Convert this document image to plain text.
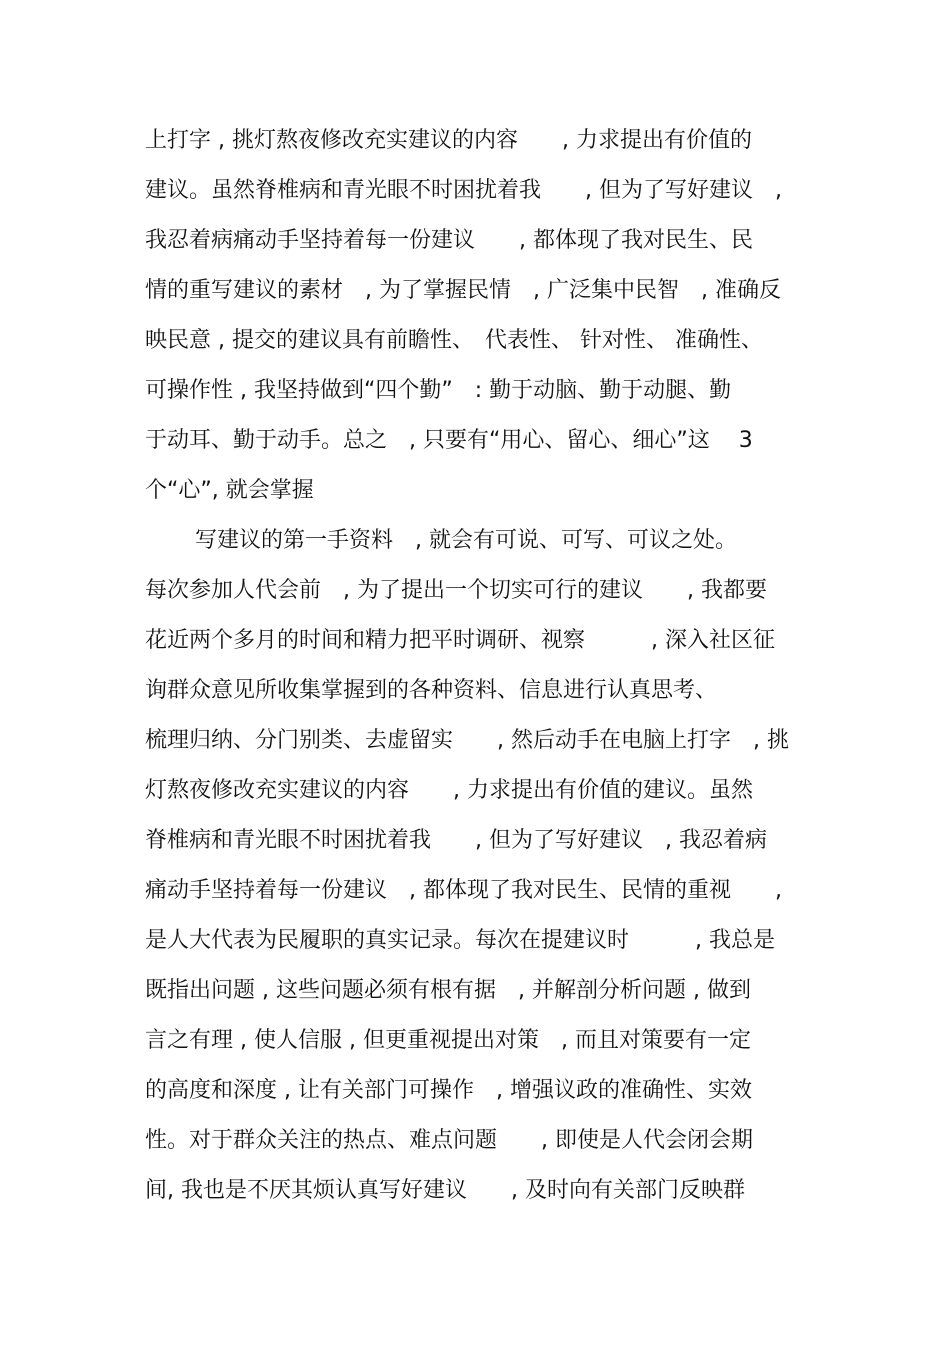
上打字 , 挑灯熬夜修改充实建议的内容　　, 力求提出有价值的
建议。虽然脊椎病和青光眼不时困扰着我　　, 但为了写好建议　,
我忍着病痛动手坚持着每一份建议　　, 都体现了我对民生、民
情的重写建议的素材　, 为了掌握民情　, 广泛集中民智　, 准确反
映民意 , 提交的建议具有前瞻性、　代表性、 针对性、 准确性、
可操作性 , 我坚持做到“四个勤”　: 勤于动脑、勤于动腿、勤
于动耳、勤于动手。总之　, 只要有“用心、留心、细心”这　 3
个“心”, 就会掌握
写建议的第一手资料　, 就会有可说、可写、可议之处。
每次参加人代会前　, 为了提出一个切实可行的建议　　, 我都要
花近两个多月的时间和精力把平时调研、视察　　　, 深入社区征
询群众意见所收集掌握到的各种资料、信息进行认真思考、
梳理归纳、分门别类、去虚留实　　, 然后动手在电脑上打字　, 挑
灯熬夜修改充实建议的内容　　, 力求提出有价值的建议。虽然
脊椎病和青光眼不时困扰着我　　, 但为了写好建议　, 我忍着病
痛动手坚持着每一份建议　, 都体现了我对民生、民情的重视　　,
是人大代表为民履职的真实记录。每次在提建议时　　　, 我总是
既指出问题 , 这些问题必须有根有据　, 并解剖分析问题 , 做到
言之有理 , 使人信服 , 但更重视提出对策　, 而且对策要有一定
的高度和深度 , 让有关部门可操作　, 增强议政的准确性、实效
性。对于群众关注的热点、难点问题　　, 即使是人代会闭会期
间, 我也是不厌其烦认真写好建议　　, 及时向有关部门反映群
